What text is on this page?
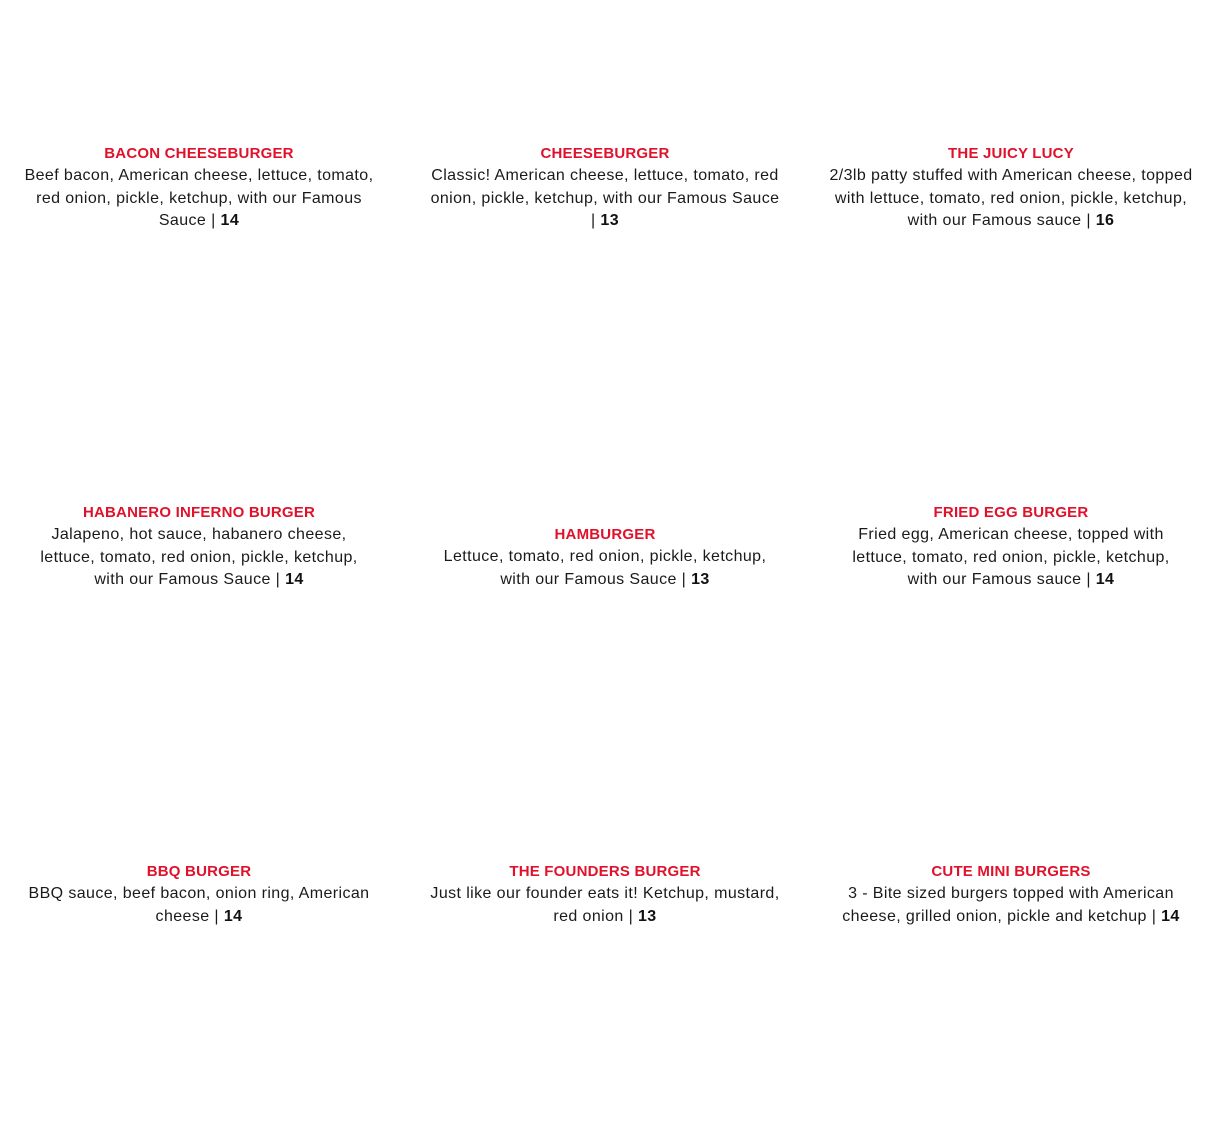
BACON CHEESEBURGER

Beef bacon, American cheese, lettuce, tomato, red onion, pickle, ketchup, with our Famous Sauce | 14

CHEESEBURGER

Classic! American cheese, lettuce, tomato, red onion, pickle, ketchup, with our Famous Sauce | 13

THE JUICY LUCY

2/3lb patty stuffed with American cheese, topped with lettuce, tomato, red onion, pickle, ketchup, with our Famous sauce | 16

HABANERO INFERNO BURGER

Jalapeno, hot sauce, habanero cheese, lettuce, tomato, red onion, pickle, ketchup, with our Famous Sauce | 14

HAMBURGER

Lettuce, tomato, red onion, pickle, ketchup, with our Famous Sauce | 13

FRIED EGG BURGER

Fried egg, American cheese, topped with lettuce, tomato, red onion, pickle, ketchup, with our Famous sauce | 14

BBQ BURGER

BBQ sauce, beef bacon, onion ring, American cheese | 14

THE FOUNDERS BURGER

Just like our founder eats it! Ketchup, mustard, red onion | 13

CUTE MINI BURGERS

3 - Bite sized burgers topped with American cheese, grilled onion, pickle and ketchup | 14
